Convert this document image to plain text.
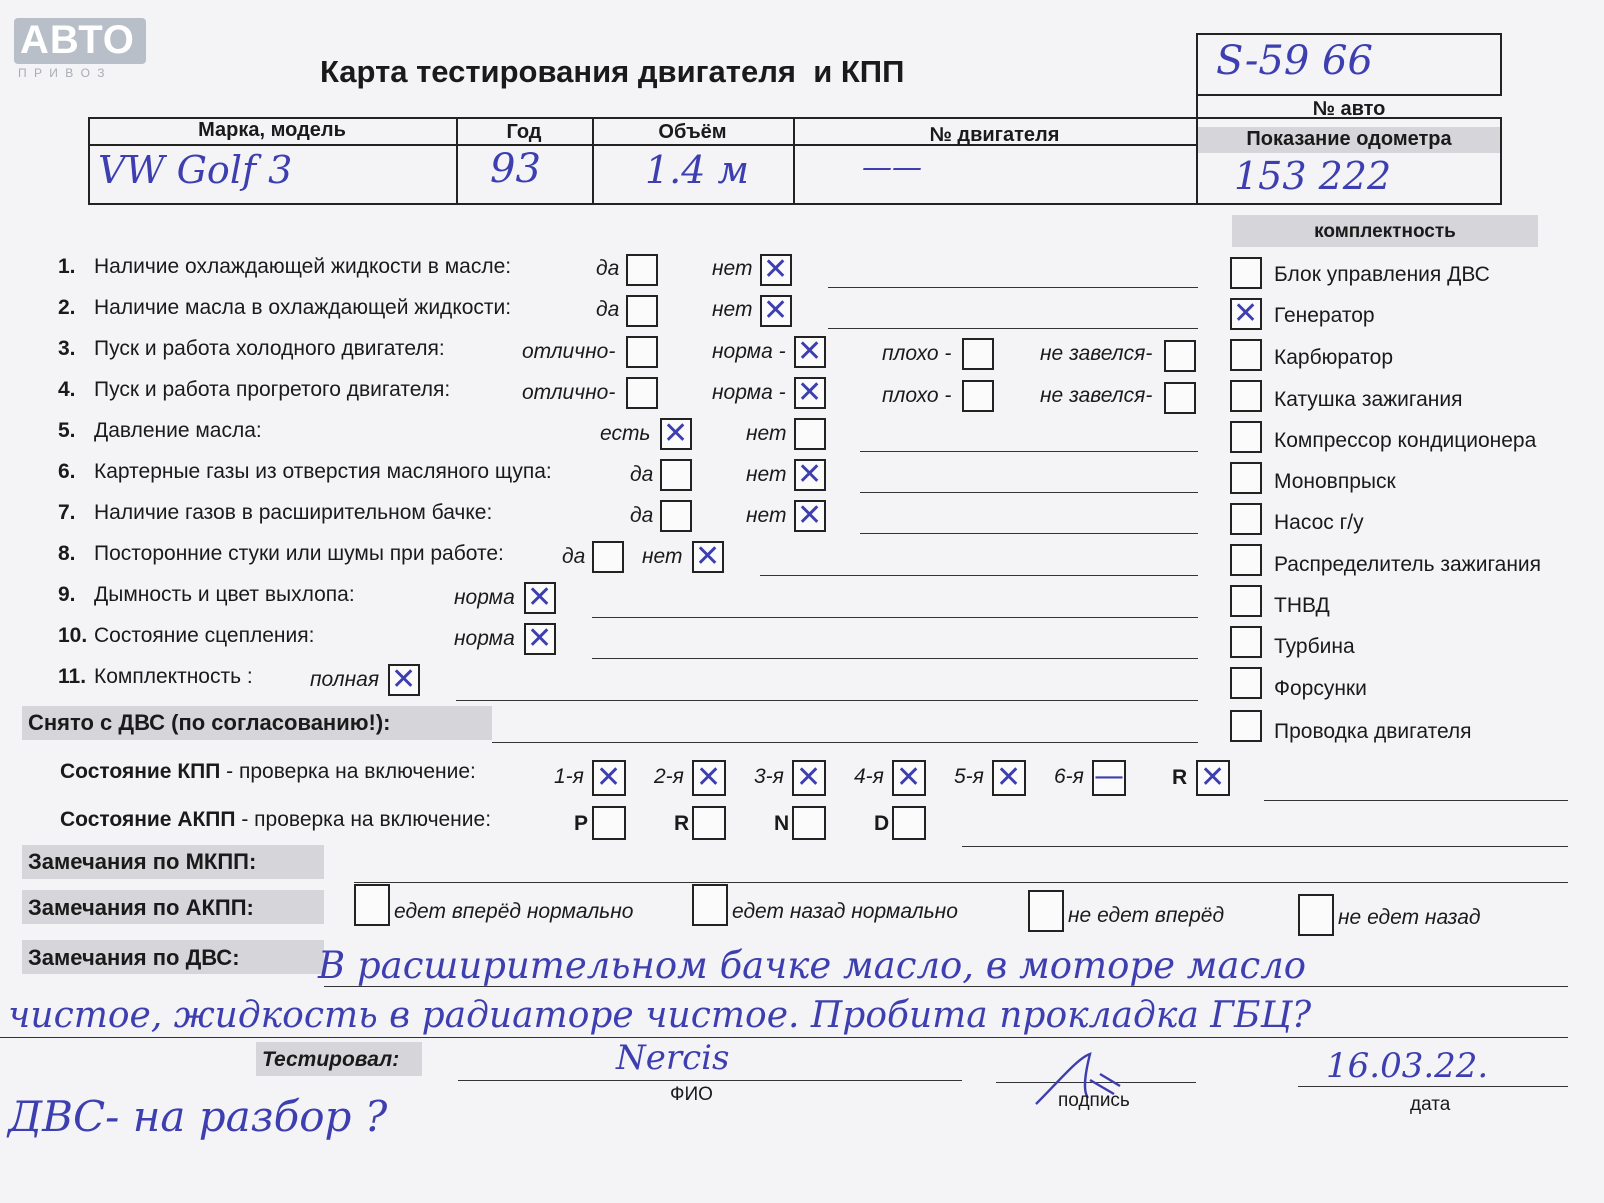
АВТО
П Р И В О З	Карта тестирования двигателя  и КПП	S-59 66
№ авто
Марка, модель	Год	Объём	№ двигателя	Показание одометра
VW Golf 3	93	1.4 м	——	153 222
комплектность
1. Наличие охлаждающей жидкости в масле:	да	нет ✕
2. Наличие масла в охлаждающей жидкости:	да	нет ✕
3. Пуск и работа холодного двигателя:	отлично-	норма - ✕	плохо -	не завелся-
4. Пуск и работа прогретого двигателя:	отлично-	норма - ✕	плохо -	не завелся-
5. Давление масла:	есть ✕	нет
6. Картерные газы из отверстия масляного щупа:	да	нет ✕
7. Наличие газов в расширительном бачке:	да	нет ✕
8. Посторонние стуки или шумы при работе:	да	нет ✕
9. Дымность и цвет выхлопа:	норма ✕
10. Состояние сцепления:	норма ✕
11. Комплектность :	полная ✕
Блок управления ДВС
✕ Генератор
Карбюратор
Катушка зажигания
Компрессор кондиционера
Моновпрыск
Насос г/у
Распределитель зажигания
ТНВД
Турбина
Форсунки
Проводка двигателя
Снято с ДВС (по согласованию!):
Состояние КПП - проверка на включение:	1-я ✕ 2-я ✕ 3-я ✕ 4-я ✕ 5-я ✕ 6-я — R ✕
Состояние АКПП - проверка на включение:	P	R	N	D
Замечания по МКПП:
Замечания по АКПП:	едет вперёд нормально	едет назад нормально	не едет вперёд	не едет назад
Замечания по ДВС: В расширительном бачке масло, в моторе масло
чистое, жидкость в радиаторе чистое. Пробита прокладка ГБЦ?
Тестировал:	Nercis	16.03.22.
ФИО	подпись	дата
ДВС- на разбор ?
